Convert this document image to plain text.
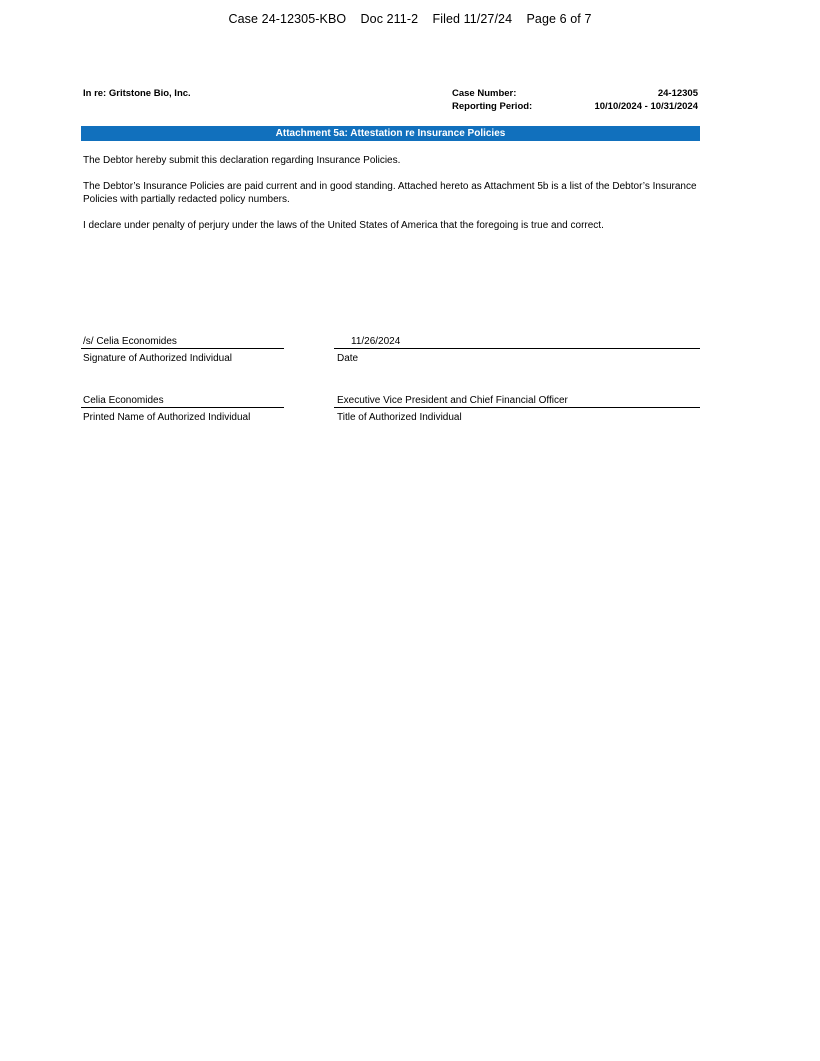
Case 24-12305-KBO    Doc 211-2    Filed 11/27/24    Page 6 of 7
In re: Gritstone Bio, Inc.	Case Number:	24-12305
Reporting Period:	10/10/2024 - 10/31/2024
Attachment 5a: Attestation re Insurance Policies

The Debtor hereby submit this declaration regarding Insurance Policies.

The Debtor’s Insurance Policies are paid current and in good standing. Attached hereto as Attachment 5b is a list of the Debtor’s Insurance Policies with partially redacted policy numbers.

I declare under penalty of perjury under the laws of the United States of America that the foregoing is true and correct.

/s/ Celia Economides
Signature of Authorized Individual
11/26/2024
Date
Celia Economides
Printed Name of Authorized Individual
Executive Vice President and Chief Financial Officer
Title of Authorized Individual
